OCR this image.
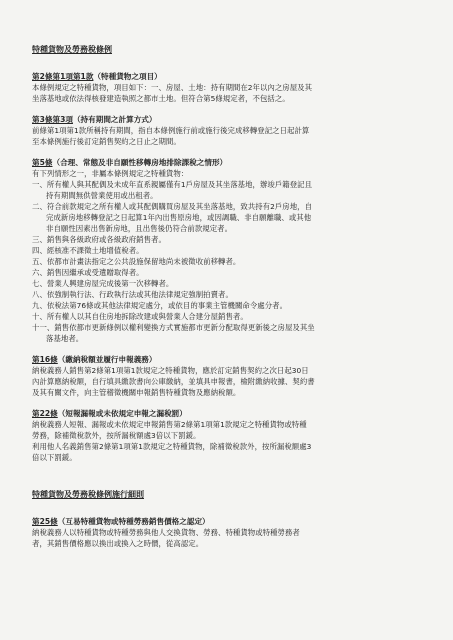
特種貨物及勞務稅條例
第2條第1項第1款（特種貨物之項目）
本條例規定之特種貨物，項目如下：一、房屋、土地：持有期間在2年以內之房屋及其
坐落基地或依法得核發建造執照之都市土地。但符合第5條規定者，不包括之。
第3條第3項（持有期間之計算方式）
前條第1項第1款所稱持有期間，指自本條例施行前或施行後完成移轉登記之日起計算
至本條例施行後訂定銷售契約之日止之期間。
第5條（合理、常態及非自願性移轉房地排除課稅之情形）
有下列情形之一，非屬本條例規定之特種貨物：
一、所有權人與其配偶及未成年直系親屬僅有1戶房屋及其坐落基地，辦竣戶籍登記且
持有期間無供營業使用或出租者。
二、符合前款規定之所有權人或其配偶購買房屋及其坐落基地，致共持有2戶房地，自
完成新房地移轉登記之日起算1年內出售原房地，或因調職、非自願離職、或其他
非自願性因素出售新房地，且出售後仍符合前款規定者。
三、銷售與各級政府或各級政府銷售者。
四、經核准不課徵土地增值稅者。
五、依都市計畫法指定之公共設施保留地尚未被徵收前移轉者。
六、銷售因繼承或受遺贈取得者。
七、營業人興建房屋完成後第一次移轉者。
八、依強制執行法、行政執行法或其他法律規定強制拍賣者。
九、依稅法第76條或其他法律規定處分，或依目的事業主管機關命令處分者。
十、所有權人以其自住房地拆除改建或與營業人合建分屋銷售者。
十一、銷售依都市更新條例以權利變換方式實施都市更新分配取得更新後之房屋及其坐
落基地者。
第16條（繳納稅額並履行申報義務）
納稅義務人銷售第2條第1項第1款規定之特種貨物，應於訂定銷售契約之次日起30日
內計算應納稅額，自行填具繳款書向公庫繳納，並填具申報書，檢附繳納收據、契約書
及其有關文件，向主管稽徵機關申報銷售特種貨物及應納稅額。
第22條（短報漏報或未依規定申報之漏稅罰）
納稅義務人短報、漏報或未依規定申報銷售第2條第1項第1款規定之特種貨物或特種
勞務，除補徵稅款外，按所漏稅額處3倍以下罰鍰。
利用他人名義銷售第2條第1項第1款規定之特種貨物，除補徵稅款外，按所漏稅額處3
倍以下罰鍰。
特種貨物及勞務稅條例施行細則
第25條（互易特種貨物或特種勞務銷售價格之認定）
納稅義務人以特種貨物或特種勞務與他人交換貨物、勞務、特種貨物或特種勞務者
者，其銷售價格應以換出或換入之時價，從高認定。
